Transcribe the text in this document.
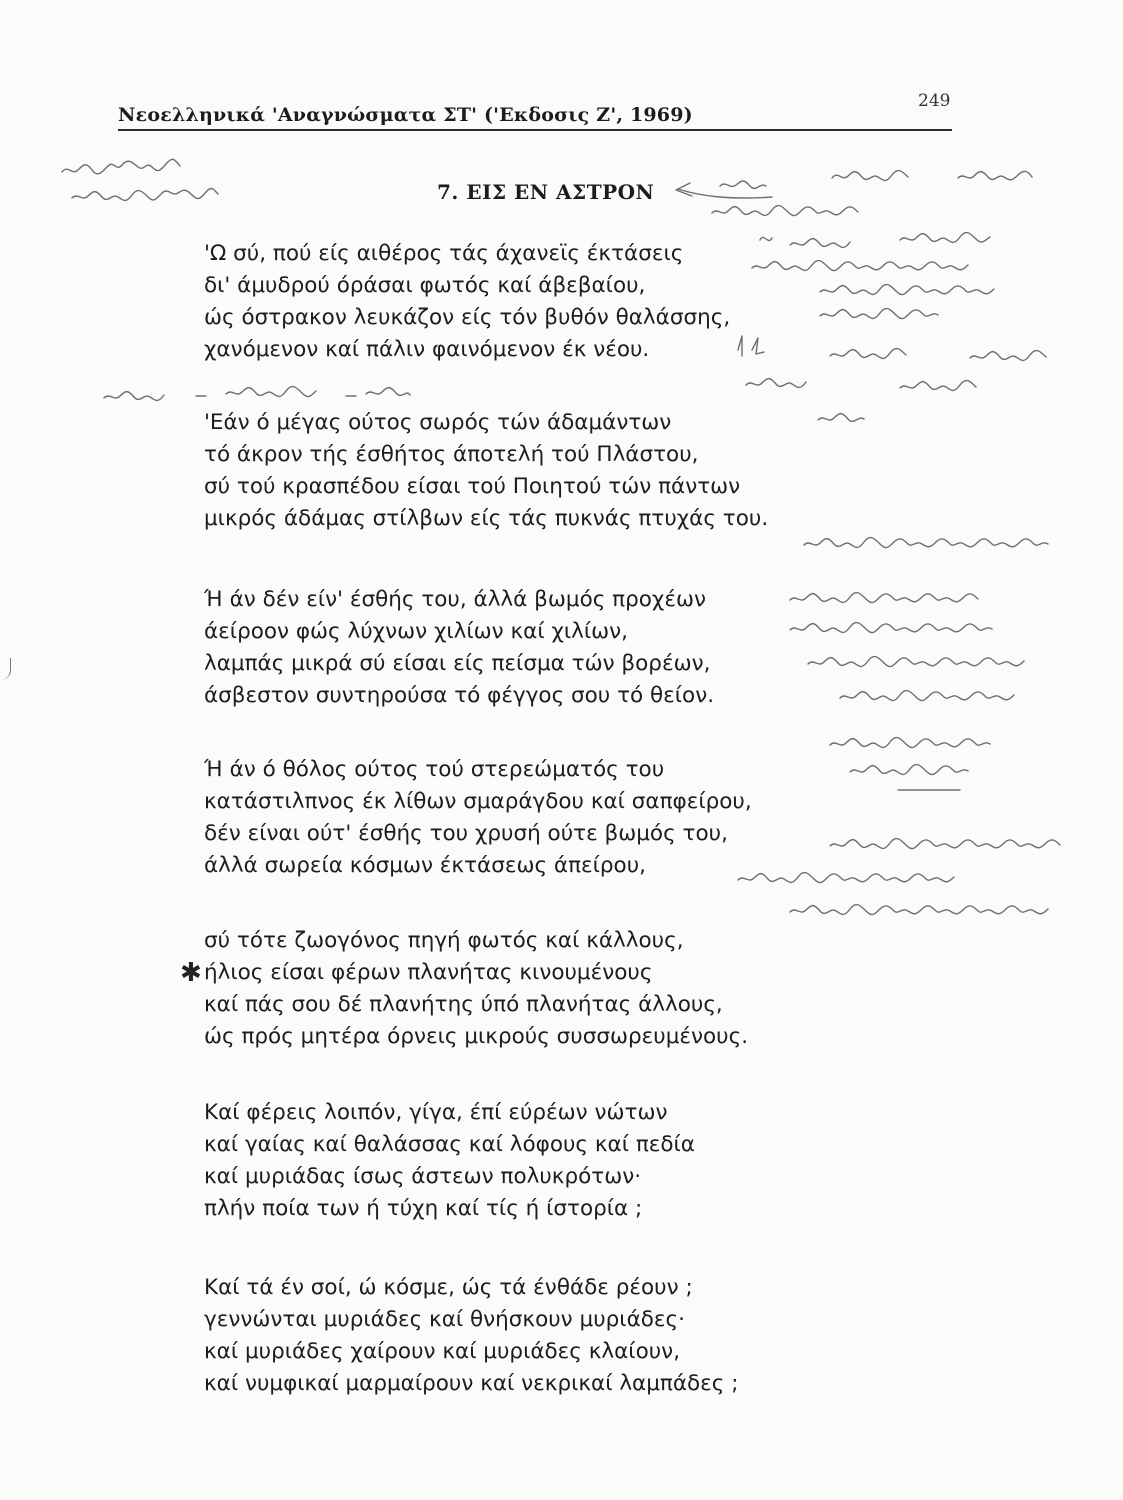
Νεοελληνικά 'Αναγνώσματα ΣΤ' ('Εκδοσις Ζ', 1969)
249
7. ΕΙΣ ΕΝ ΑΣΤΡΟΝ
'Ω σύ, πού είς αιθέρος τάς άχανεϊς έκτάσεις
δι' άμυδρού όράσαι φωτός καί άβεβαίου,
ώς όστρακον λευκάζον είς τόν βυθόν θαλάσσης,
χανόμενον καί πάλιν φαινόμενον έκ νέου.
'Εάν ό μέγας ούτος σωρός τών άδαμάντων
τό άκρον τής έσθήτος άποτελή τού Πλάστου,
σύ τού κρασπέδου είσαι τού Ποιητού τών πάντων
μικρός άδάμας στίλβων είς τάς πυκνάς πτυχάς του.
Ή άν δέν είν' έσθής του, άλλά βωμός προχέων
άείροον φώς λύχνων χιλίων καί χιλίων,
λαμπάς μικρά σύ είσαι είς πείσμα τών βορέων,
άσβεστον συντηρούσα τό φέγγος σου τό θείον.
Ή άν ό θόλος ούτος τού στερεώματός του
κατάστιλπνος έκ λίθων σμαράγδου καί σαπφείρου,
δέν είναι ούτ' έσθής του χρυσή ούτε βωμός του,
άλλά σωρεία κόσμων έκτάσεως άπείρου,
✱
σύ τότε ζωογόνος πηγή φωτός καί κάλλους,
ήλιος είσαι φέρων πλανήτας κινουμένους
καί πάς σου δέ πλανήτης ύπό πλανήτας άλλους,
ώς πρός μητέρα όρνεις μικρούς συσσωρευμένους.
Καί φέρεις λοιπόν, γίγα, έπί εύρέων νώτων
καί γαίας καί θαλάσσας καί λόφους καί πεδία
καί μυριάδας ίσως άστεων πολυκρότων·
πλήν ποία των ή τύχη καί τίς ή ίστορία ;
Καί τά έν σοί, ώ κόσμε, ώς τά ένθάδε ρέουν ;
γεννώνται μυριάδες καί θνήσκουν μυριάδες·
καί μυριάδες χαίρουν καί μυριάδες κλαίουν,
καί νυμφικαί μαρμαίρουν καί νεκρικαί λαμπάδες ;
